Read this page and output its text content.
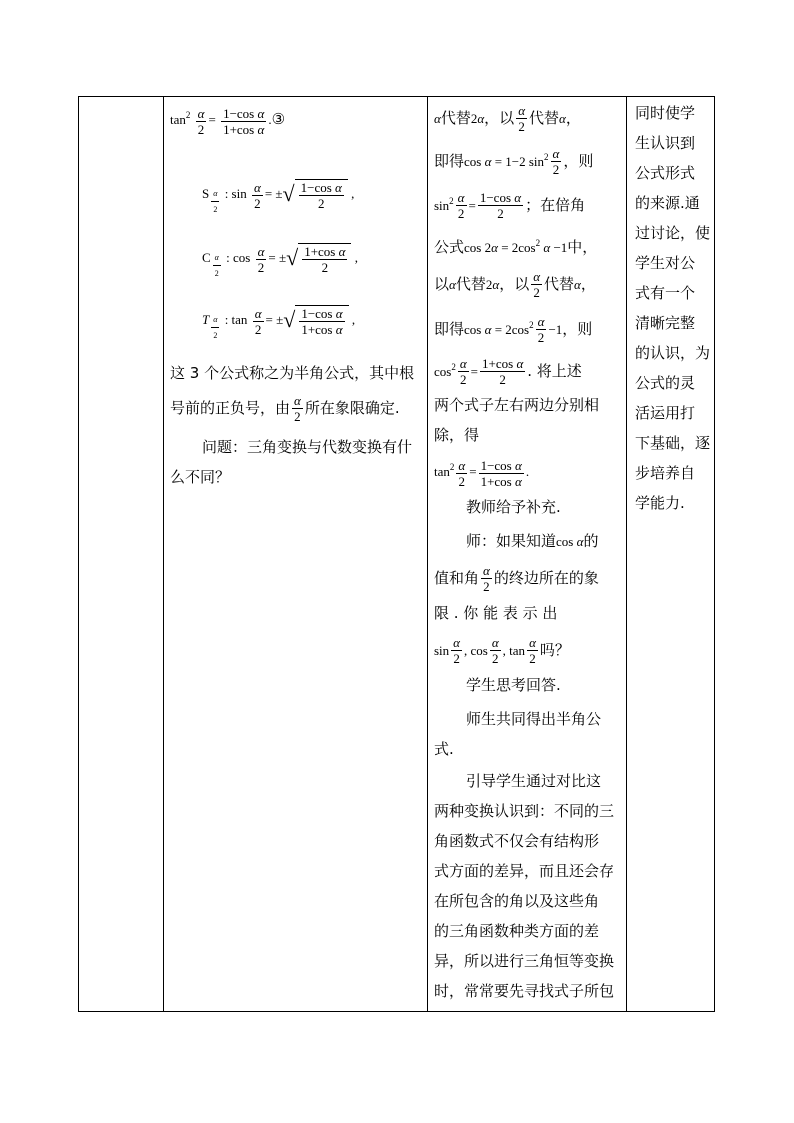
$\tan^2 \frac{\alpha}{2} = \frac{\text{1−cos α}}{\text{1+cos α}}$ .③
S $_{\frac{\alpha}{2}}$ : $\sin \frac{\alpha}{2}$ = ± √ $\frac{\text{1−cos α}}{2}$ ,
C $_{\frac{\alpha}{2}}$ : $\cos \frac{\alpha}{2}$ = ± √ $\frac{\text{1+cos α}}{2}$ ,
T $_{\frac{\alpha}{2}}$ : $\tan \frac{\alpha}{2}$ = ± √ $\frac{\text{1−cos α}}{\text{1+cos α}}$ ,
这 3 个公式称之为半角公式，其中根
号前的正负号，由 $\frac{\alpha}{2}$ 所在象限确定.
问题：三角变换与代数变换有什
么不同？
α代替2α，以 $\frac{\alpha}{2}$ 代替α，
即得cos α = 1−2 $\sin^2 \frac{\alpha}{2}$ ，则
$\sin^2 \frac{\alpha}{2} = \frac{\text{1−cos α}}{2}$ ；在倍角
公式$\cos 2\alpha = 2\cos^2$ α −1中，
以α代替2α，以 $\frac{\alpha}{2}$ 代替α，
即得$\cos \alpha = 2\cos^2 \frac{\alpha}{2} -1$，则
$\cos^2 \frac{\alpha}{2} = \frac{\text{1+cos α}}{2}$ . 将上述
两个式子左右两边分别相
除，得
$\tan^2 \frac{\alpha}{2} = \frac{\text{1−cos α}}{\text{1+cos α}}$ .
教师给予补充.
师：如果知道cos α的
值和角 $\frac{\alpha}{2}$ 的终边所在的象
限 . 你 能 表 示 出
$\sin \frac{\alpha}{2}$ , $\cos \frac{\alpha}{2}$ , $\tan \frac{\alpha}{2}$ 吗？
学生思考回答.
师生共同得出半角公
式.
引导学生通过对比这
两种变换认识到：不同的三
角函数式不仅会有结构形
式方面的差异，而且还会存
在所包含的角以及这些角
的三角函数种类方面的差
异，所以进行三角恒等变换
时，常常要先寻找式子所包
同时使学
生认识到
公式形式
的来源.通
过讨论，使
学生对公
式有一个
清晰完整
的认识，为
公式的灵
活运用打
下基础，逐
步培养自
学能力.
